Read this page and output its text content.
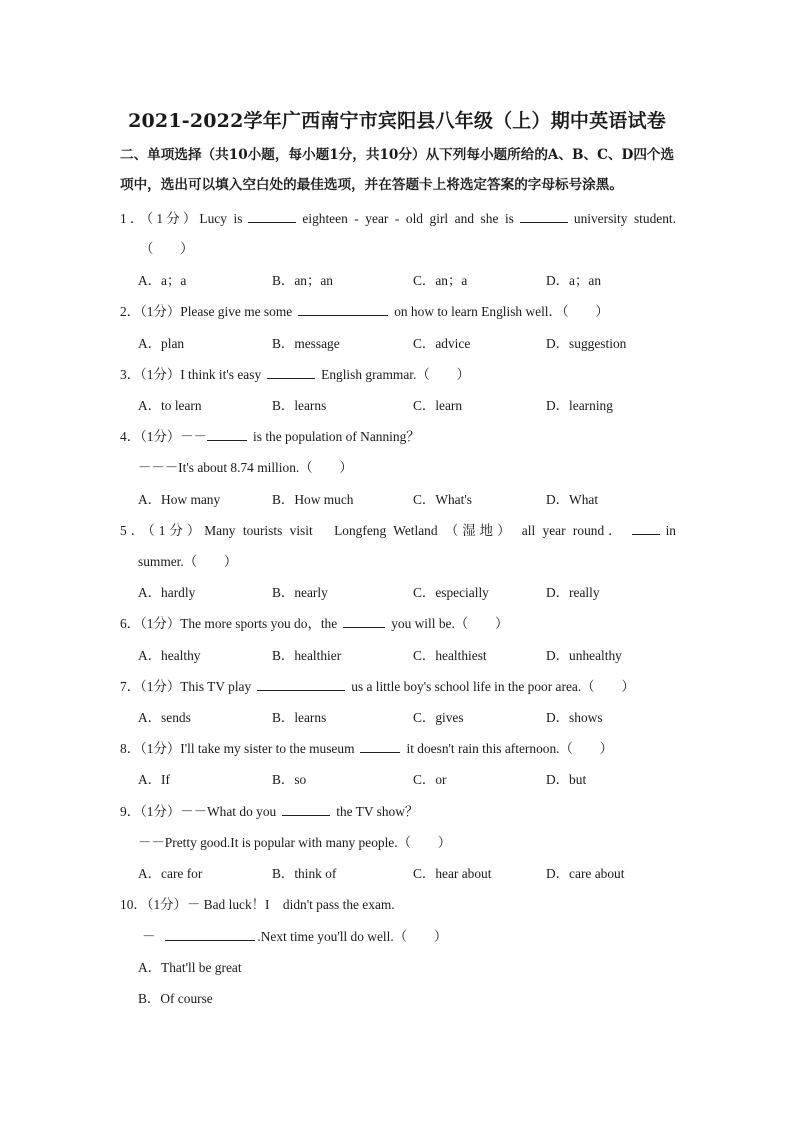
2021-2022学年广西南宁市宾阳县八年级（上）期中英语试卷
二、单项选择（共10小题，每小题1分，共10分）从下列每小题所给的A、B、C、D四个选项中，选出可以填入空白处的最佳选项，并在答题卡上将选定答案的字母标号涂黑。
1．（1分）Lucy is	eighteen - year - old girl and she is	university student.
（　　）
A．a；a	B．an；an	C．an；a	D．a；an
2．（1分）Please give me some	on how to learn English well．（　　）
A．plan	B．message	C．advice	D．suggestion
3．（1分）I think it's easy	English grammar.（　　）
A．to learn	B．learns	C．learn	D．learning
4．（1分）－－	is the population of Nanning？
－－－It's about 8.74 million.（　　）
A．How many	B．How much	C．What's	D．What
5．（1分）Many tourists visit　Longfeng Wetland （湿地） all year round．	in
summer.（　　）
A．hardly	B．nearly	C．especially	D．really
6．（1分）The more sports you do，the	you will be.（　　）
A．healthy	B．healthier	C．healthiest	D．unhealthy
7．（1分）This TV play	us a little boy's school life in the poor area.（　　）
A．sends	B．learns	C．gives	D．shows
8．（1分）I'll take my sister to the museum	it doesn't rain this afternoon.（　　）
A．If	B．so	C．or	D．but
9．（1分）－－What do you	the TV show？
－－Pretty good.It is popular with many people.（　　）
A．care for	B．think of	C．hear about	D．care about
10．（1分）－ Bad luck！I　didn't pass the exam.
－	.Next time you'll do well.（　　）
A．That'll be great
B．Of course
